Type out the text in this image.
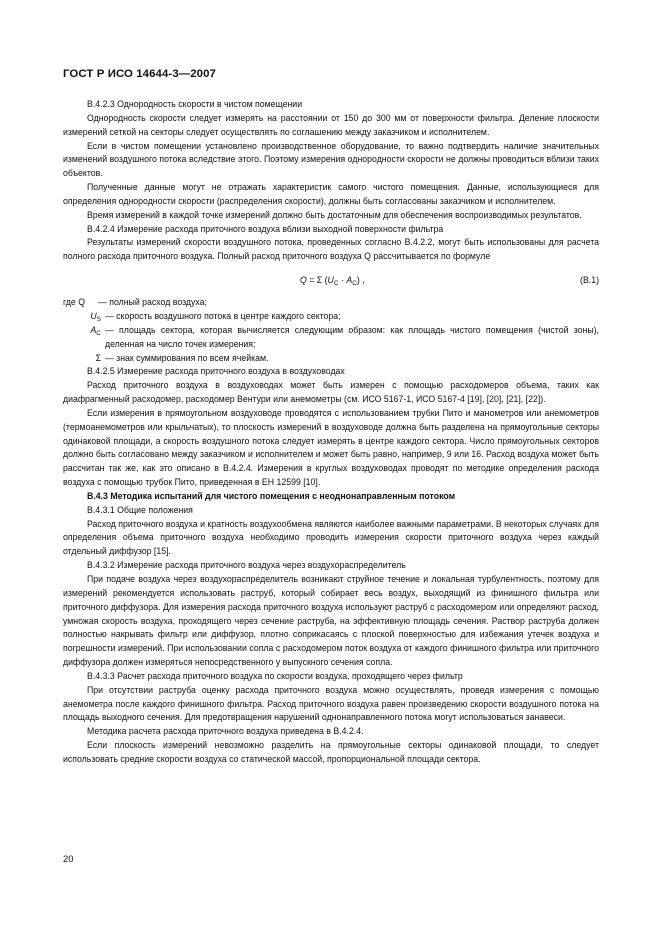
ГОСТ Р ИСО 14644-3—2007

В.4.2.3 Однородность скорости в чистом помещении

Однородность скорости следует измерять на расстоянии от 150 до 300 мм от поверхности фильтра. Деление плоскости измерений сеткой на секторы следует осуществлять по соглашению между заказчиком и исполнителем.

Если в чистом помещении установлено производственное оборудование, то важно подтвердить наличие значительных изменений воздушного потока вследствие этого. Поэтому измерения однородности скорости не должны проводиться вблизи таких объектов.

Полученные данные могут не отражать характеристик самого чистого помещения. Данные, использующиеся для определения однородности скорости (распределения скорости), должны быть согласованы заказчиком и исполнителем.

Время измерений в каждой точке измерений должно быть достаточным для обеспечения воспроизводимых результатов.

В.4.2.4 Измерение расхода приточного воздуха вблизи выходной поверхности фильтра

Результаты измерений скорости воздушного потока, проведенных согласно В.4.2.2, могут быть использованы для расчета полного расхода приточного воздуха. Полный расход приточного воздуха Q рассчитывается по формуле

Q = Σ $(U_C \cdot A_C)$ ,	(В.1)
где Q — полный расход воздуха;
$U_S$ — скорость воздушного потока в центре каждого сектора;
$A_C$ — площадь сектора, которая вычисляется следующим образом: как площадь чистого помещения (чистой зоны), деленная на число точек измерения;
Σ — знак суммирования по всем ячейкам.

В.4.2.5 Измерение расхода приточного воздуха в воздуховодах

Расход приточного воздуха в воздуховодах может быть измерен с помощью расходомеров объема, таких как диафрагменный расходомер, расходомер Вентури или анемометры (см. ИСО 5167-1, ИСО 5167-4 [19], [20], [21], [22]).

Если измерения в прямоугольном воздуховоде проводятся с использованием трубки Пито и манометров или анемометров (термоанемометров или крыльчатых), то плоскость измерений в воздуховоде должна быть разделена на прямоугольные секторы одинаковой площади, а скорость воздушного потока следует измерять в центре каждого сектора. Число прямоугольных секторов должно быть согласовано между заказчиком и исполнителем и может быть равно, например, 9 или 16. Расход воздуха может быть рассчитан так же, как это описано в В.4.2.4. Измерения в круглых воздуховодах проводят по методике определения расхода воздуха с помощью трубок Пито, приведенная в ЕН 12599 [10].

В.4.3 Методика испытаний для чистого помещения с неоднонаправленным потоком

В.4.3.1 Общие положения

Расход приточного воздуха и кратность воздухообмена являются наиболее важными параметрами. В некоторых случаях для определения объема приточного воздуха необходимо проводить измерения скорости приточного воздуха через каждый отдельный диффузор [15].

В.4.3.2 Измерение расхода приточного воздуха через воздухораспределитель

При подаче воздуха через воздухораспределитель возникают струйное течение и локальная турбулентность, поэтому для измерений рекомендуется использовать раструб, который собирает весь воздух, выходящий из финишного фильтра или приточного диффузора. Для измерения расхода приточного воздуха используют раструб с расходомером или определяют расход, умножая скорость воздуха, проходящего через сечение раструба, на эффективную площадь сечения. Раствор раструба должен полностью накрывать фильтр или диффузор, плотно соприкасаясь с плоской поверхностью для избежания утечек воздуха и погрешности измерений. При использовании сопла с расходомером поток воздуха от каждого финишного фильтра или приточного диффузора должен измеряться непосредственного у выпускного сечения сопла.

В.4.3.3 Расчет расхода приточного воздуха по скорости воздуха, проходящего через фильтр

При отсутствии раструба оценку расхода приточного воздуха можно осуществлять, проведя измерения с помощью анемометра после каждого финишного фильтра. Расход приточного воздуха равен произведению скорости воздушного потока на площадь выходного сечения. Для предотвращения нарушений однонаправленного потока могут использоваться занавеси.

Методика расчета расхода приточного воздуха приведена в В.4.2.4.

Если плоскость измерений невозможно разделить на прямоугольные секторы одинаковой площади, то следует использовать средние скорости воздуха со статической массой, пропорциональной площади сектора.

20
